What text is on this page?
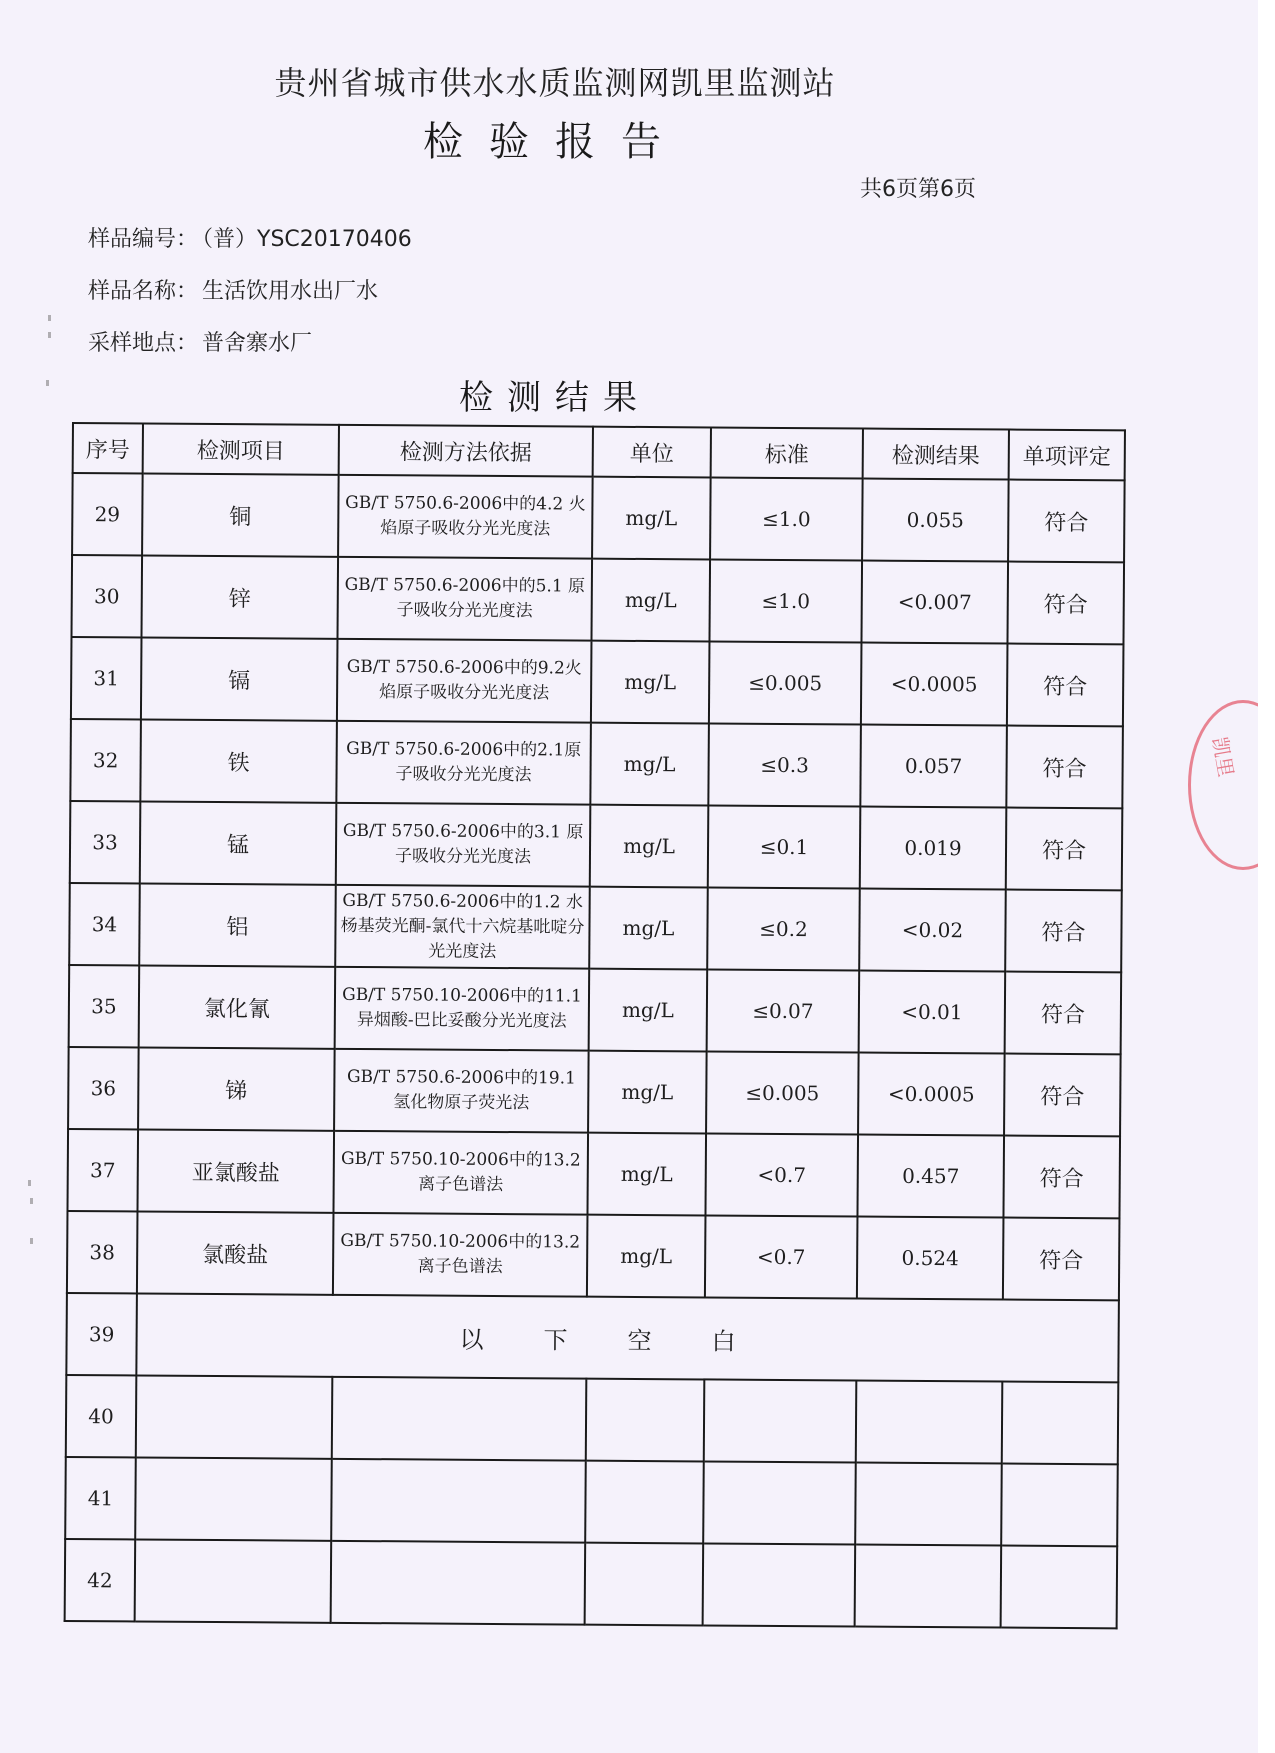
贵州省城市供水水质监测网凯里监测站
检验报告
共6页第6页
样品编号： （普）YSC20170406
样品名称： 生活饮用水出厂水
采样地点： 普舍寨水厂
检测结果
序号	检测项目	检测方法依据	单位	标准	检测结果	单项评定
29	铜	GB/T 5750.6-2006中的4.2 火焰原子吸收分光光度法	mg/L	≤1.0	0.055	符合
30	锌	GB/T 5750.6-2006中的5.1 原子吸收分光光度法	mg/L	≤1.0	<0.007	符合
31	镉	GB/T 5750.6-2006中的9.2火焰原子吸收分光光度法	mg/L	≤0.005	<0.0005	符合
32	铁	GB/T 5750.6-2006中的2.1原子吸收分光光度法	mg/L	≤0.3	0.057	符合
33	锰	GB/T 5750.6-2006中的3.1 原子吸收分光光度法	mg/L	≤0.1	0.019	符合
34	铝	GB/T 5750.6-2006中的1.2 水杨基荧光酮-氯代十六烷基吡啶分光光度法	mg/L	≤0.2	<0.02	符合
35	氯化氰	GB/T 5750.10-2006中的11.1 异烟酸-巴比妥酸分光光度法	mg/L	≤0.07	<0.01	符合
36	锑	GB/T 5750.6-2006中的19.1 氢化物原子荧光法	mg/L	≤0.005	<0.0005	符合
37	亚氯酸盐	GB/T 5750.10-2006中的13.2 离子色谱法	mg/L	<0.7	0.457	符合
38	氯酸盐	GB/T 5750.10-2006中的13.2 离子色谱法	mg/L	<0.7	0.524	符合
39	以下空白					
40						
41						
42						
凯里
